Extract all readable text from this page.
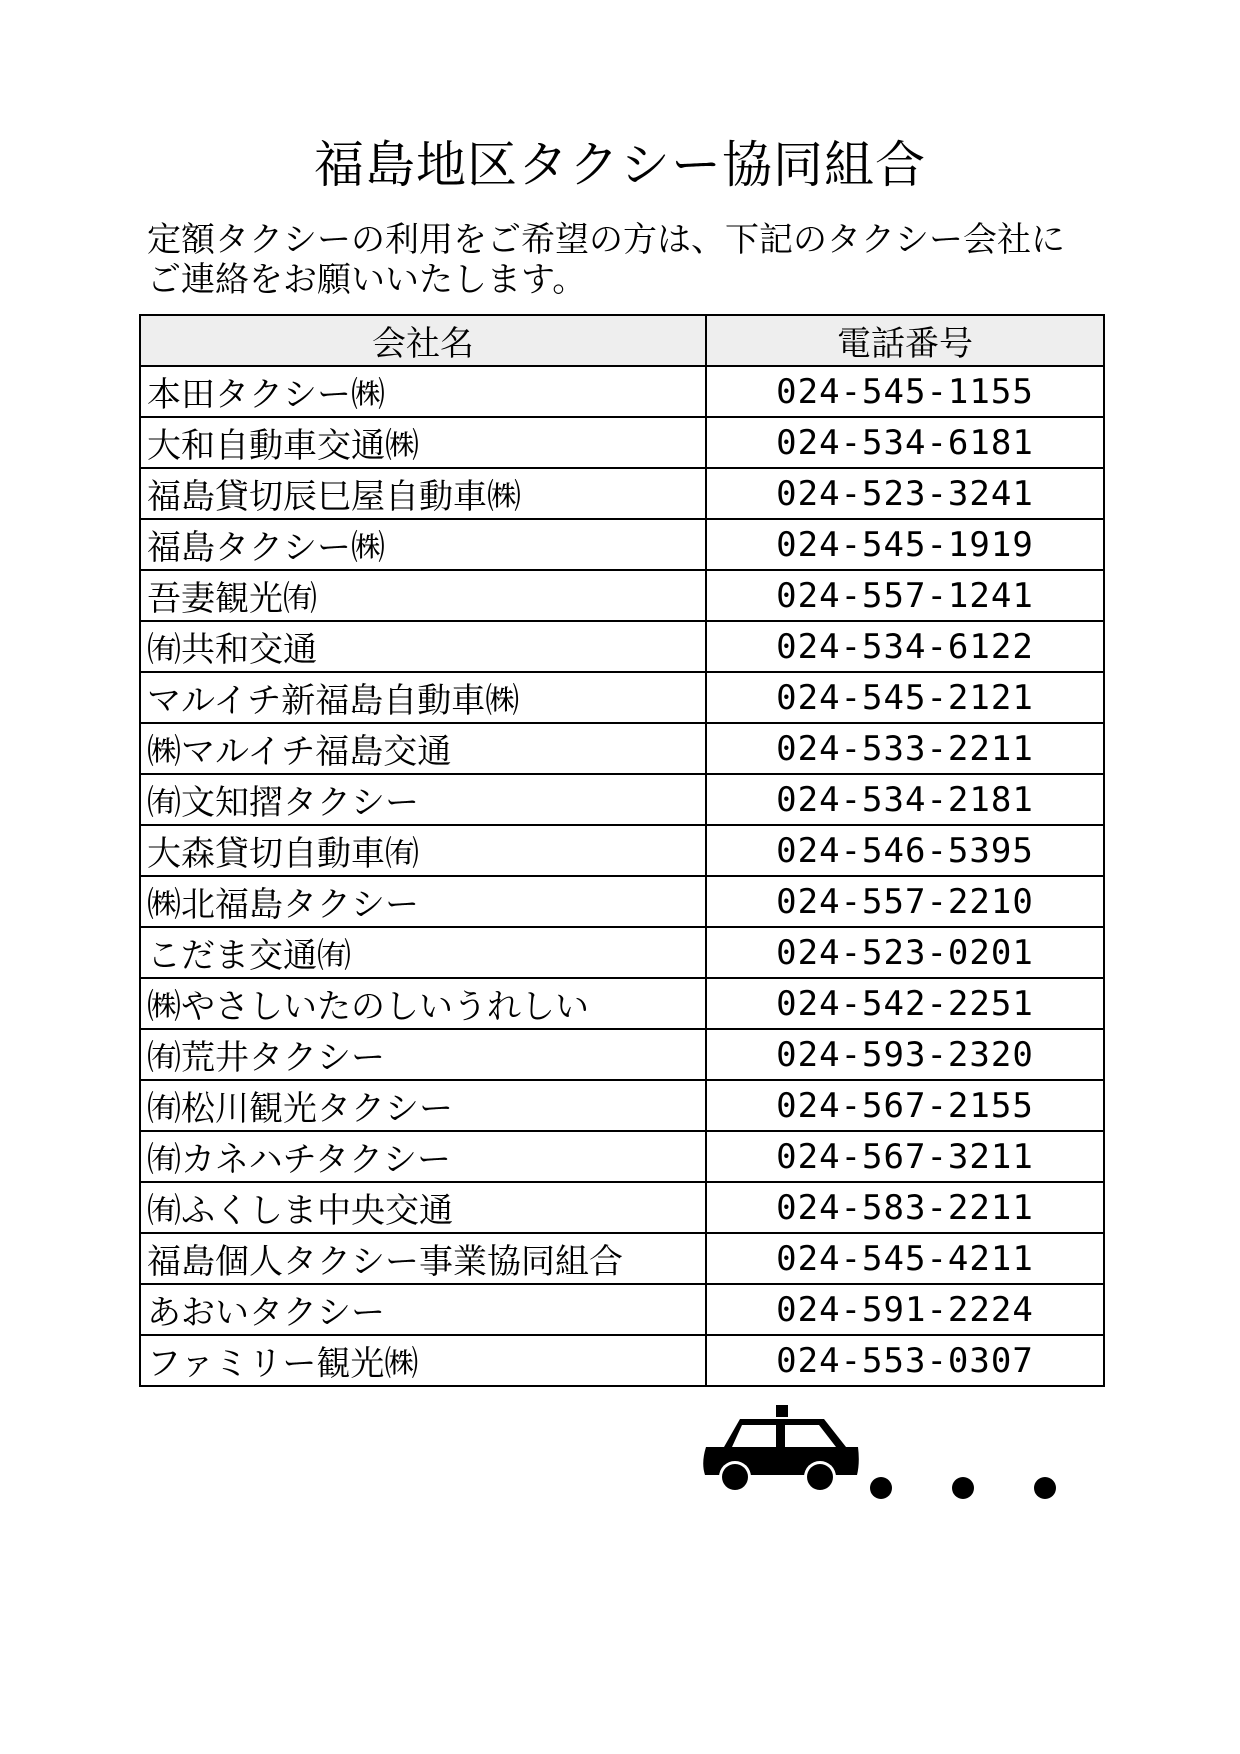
福島地区タクシー協同組合
定額タクシーの利用をご希望の方は、下記のタクシー会社に
ご連絡をお願いいたします。
会社名	電話番号
本田タクシー㈱	024-545-1155
大和自動車交通㈱	024-534-6181
福島貸切辰巳屋自動車㈱	024-523-3241
福島タクシー㈱	024-545-1919
吾妻観光㈲	024-557-1241
㈲共和交通	024-534-6122
マルイチ新福島自動車㈱	024-545-2121
㈱マルイチ福島交通	024-533-2211
㈲文知摺タクシー	024-534-2181
大森貸切自動車㈲	024-546-5395
㈱北福島タクシー	024-557-2210
こだま交通㈲	024-523-0201
㈱やさしいたのしいうれしい	024-542-2251
㈲荒井タクシー	024-593-2320
㈲松川観光タクシー	024-567-2155
㈲カネハチタクシー	024-567-3211
㈲ふくしま中央交通	024-583-2211
福島個人タクシー事業協同組合	024-545-4211
あおいタクシー	024-591-2224
ファミリー観光㈱	024-553-0307
